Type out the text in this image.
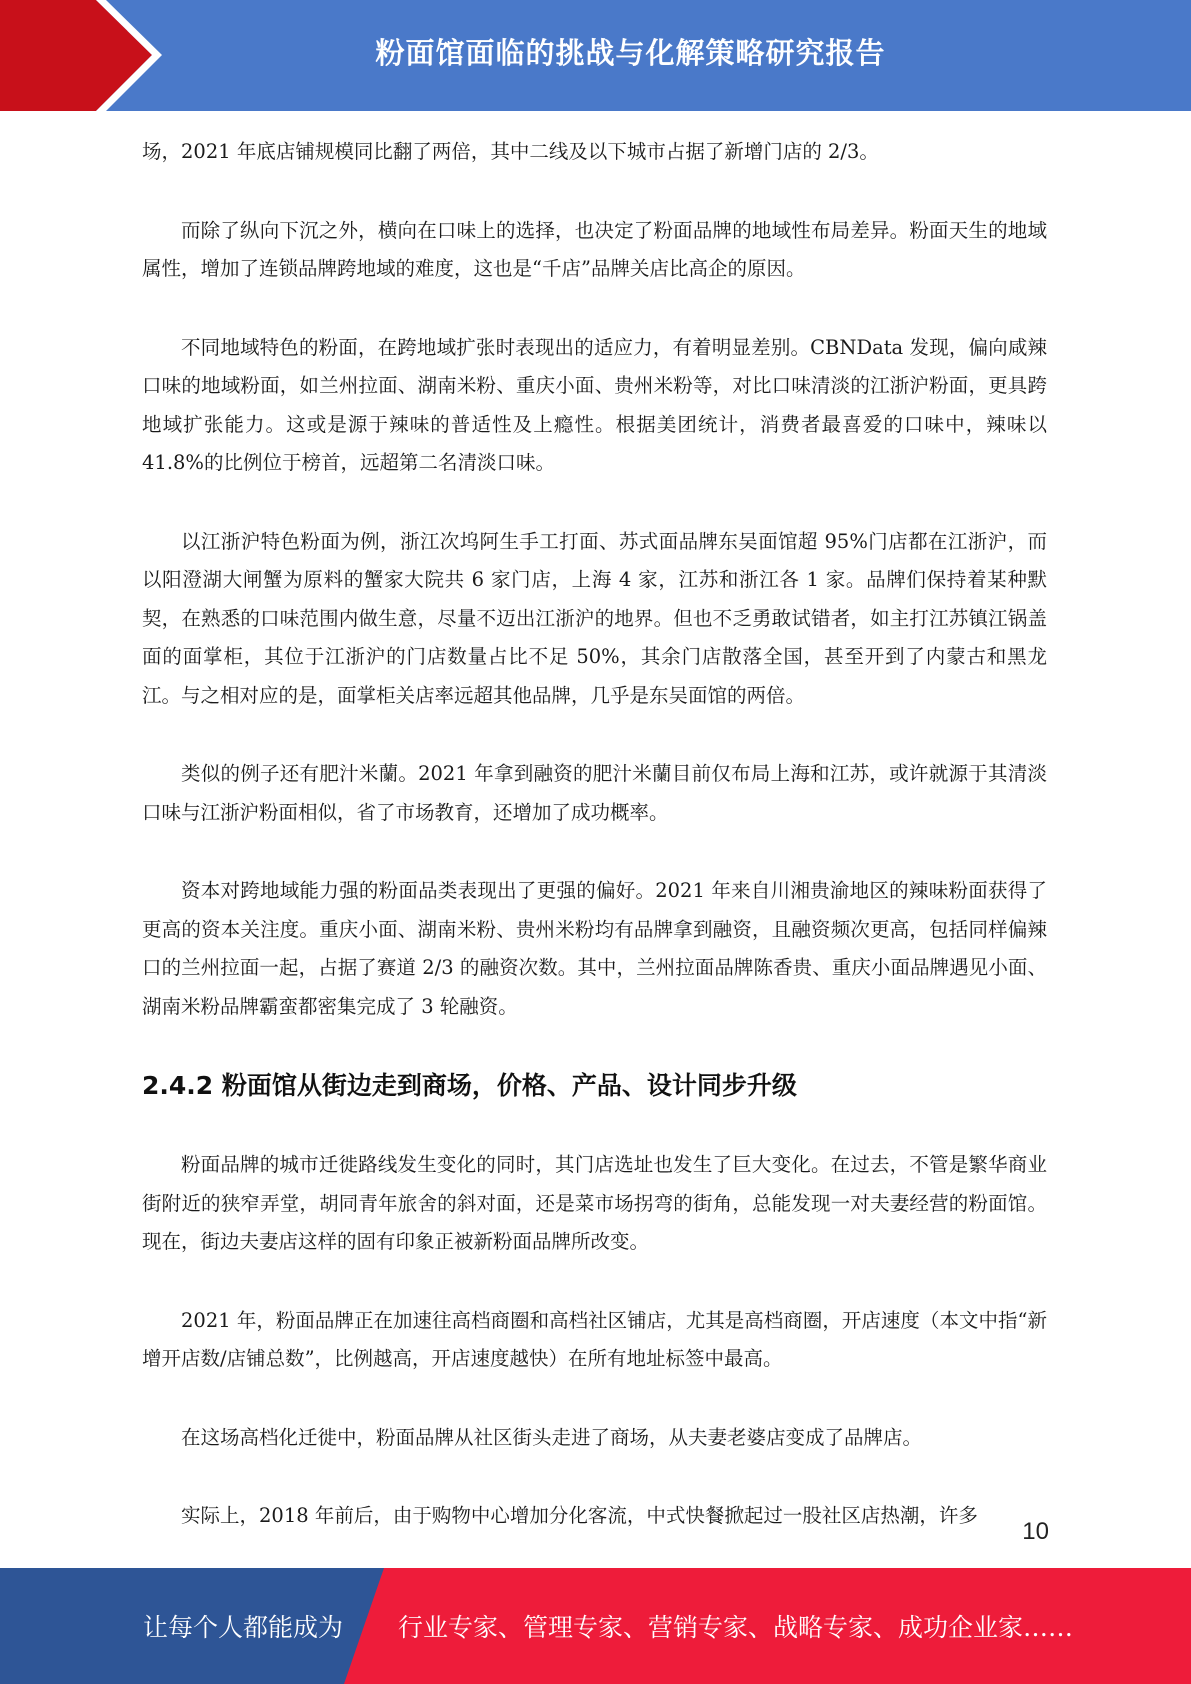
粉面馆面临的挑战与化解策略研究报告

场，2021 年底店铺规模同比翻了两倍，其中二线及以下城市占据了新增门店的 2/3。

而除了纵向下沉之外，横向在口味上的选择，也决定了粉面品牌的地域性布局差异。粉面天生的地域属性，增加了连锁品牌跨地域的难度，这也是“千店”品牌关店比高企的原因。

不同地域特色的粉面，在跨地域扩张时表现出的适应力，有着明显差别。CBNData 发现，偏向咸辣口味的地域粉面，如兰州拉面、湖南米粉、重庆小面、贵州米粉等，对比口味清淡的江浙沪粉面，更具跨地域扩张能力。这或是源于辣味的普适性及上瘾性。根据美团统计，消费者最喜爱的口味中，辣味以 41.8%的比例位于榜首，远超第二名清淡口味。

以江浙沪特色粉面为例，浙江次坞阿生手工打面、苏式面品牌东吴面馆超 95%门店都在江浙沪，而以阳澄湖大闸蟹为原料的蟹家大院共 6 家门店，上海 4 家，江苏和浙江各 1 家。品牌们保持着某种默契，在熟悉的口味范围内做生意，尽量不迈出江浙沪的地界。但也不乏勇敢试错者，如主打江苏镇江锅盖面的面掌柜，其位于江浙沪的门店数量占比不足 50%，其余门店散落全国，甚至开到了内蒙古和黑龙江。与之相对应的是，面掌柜关店率远超其他品牌，几乎是东吴面馆的两倍。

类似的例子还有肥汁米蘭。2021 年拿到融资的肥汁米蘭目前仅布局上海和江苏，或许就源于其清淡口味与江浙沪粉面相似，省了市场教育，还增加了成功概率。

资本对跨地域能力强的粉面品类表现出了更强的偏好。2021 年来自川湘贵渝地区的辣味粉面获得了更高的资本关注度。重庆小面、湖南米粉、贵州米粉均有品牌拿到融资，且融资频次更高，包括同样偏辣口的兰州拉面一起，占据了赛道 2/3 的融资次数。其中，兰州拉面品牌陈香贵、重庆小面品牌遇见小面、湖南米粉品牌霸蛮都密集完成了 3 轮融资。

2.4.2 粉面馆从街边走到商场，价格、产品、设计同步升级

粉面品牌的城市迁徙路线发生变化的同时，其门店选址也发生了巨大变化。在过去，不管是繁华商业街附近的狭窄弄堂，胡同青年旅舍的斜对面，还是菜市场拐弯的街角，总能发现一对夫妻经营的粉面馆。现在，街边夫妻店这样的固有印象正被新粉面品牌所改变。

2021 年，粉面品牌正在加速往高档商圈和高档社区铺店，尤其是高档商圈，开店速度（本文中指“新增开店数/店铺总数”，比例越高，开店速度越快）在所有地址标签中最高。

在这场高档化迁徙中，粉面品牌从社区街头走进了商场，从夫妻老婆店变成了品牌店。

实际上，2018 年前后，由于购物中心增加分化客流，中式快餐掀起过一股社区店热潮，许多

10
让每个人都能成为 行业专家、管理专家、营销专家、战略专家、成功企业家……
